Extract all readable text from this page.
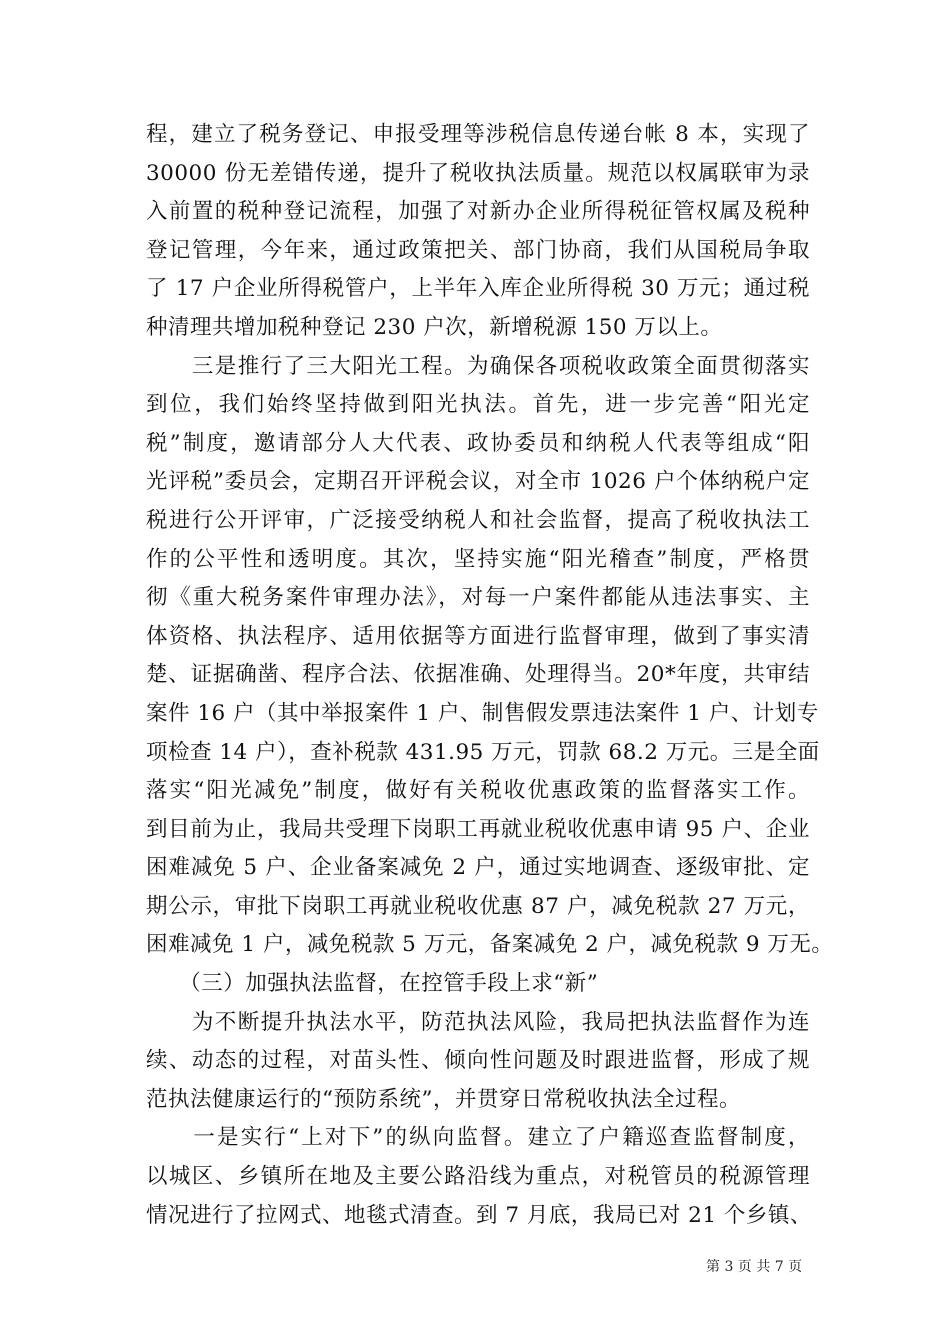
程，建立了税务登记、申报受理等涉税信息传递台帐 8 本，实现了
30000 份无差错传递，提升了税收执法质量。规范以权属联审为录
入前置的税种登记流程，加强了对新办企业所得税征管权属及税种
登记管理，今年来，通过政策把关、部门协商，我们从国税局争取
了 17 户企业所得税管户，上半年入库企业所得税 30 万元；通过税
种清理共增加税种登记 230 户次，新增税源 150 万以上。
　　三是推行了三大阳光工程。为确保各项税收政策全面贯彻落实
到位，我们始终坚持做到阳光执法。首先，进一步完善“阳光定
税”制度，邀请部分人大代表、政协委员和纳税人代表等组成“阳
光评税”委员会，定期召开评税会议，对全市 1026 户个体纳税户定
税进行公开评审，广泛接受纳税人和社会监督，提高了税收执法工
作的公平性和透明度。其次，坚持实施“阳光稽查”制度，严格贯
彻《重大税务案件审理办法》，对每一户案件都能从违法事实、主
体资格、执法程序、适用依据等方面进行监督审理，做到了事实清
楚、证据确凿、程序合法、依据准确、处理得当。20*年度，共审结
案件 16 户（其中举报案件 1 户、制售假发票违法案件 1 户、计划专
项检查 14 户），查补税款 431.95 万元，罚款 68.2 万元。三是全面
落实“阳光减免”制度，做好有关税收优惠政策的监督落实工作。
到目前为止，我局共受理下岗职工再就业税收优惠申请 95 户、企业
困难减免 5 户、企业备案减免 2 户，通过实地调查、逐级审批、定
期公示，审批下岗职工再就业税收优惠 87 户，减免税款 27 万元，
困难减免 1 户，减免税款 5 万元，备案减免 2 户，减免税款 9 万无。
　　（三）加强执法监督，在控管手段上求“新”
　　为不断提升执法水平，防范执法风险，我局把执法监督作为连
续、动态的过程，对苗头性、倾向性问题及时跟进监督，形成了规
范执法健康运行的“预防系统”，并贯穿日常税收执法全过程。
　　一是实行“上对下”的纵向监督。建立了户籍巡查监督制度，
以城区、乡镇所在地及主要公路沿线为重点，对税管员的税源管理
情况进行了拉网式、地毯式清查。到 7 月底，我局已对 21 个乡镇、
第 3 页 共 7 页
